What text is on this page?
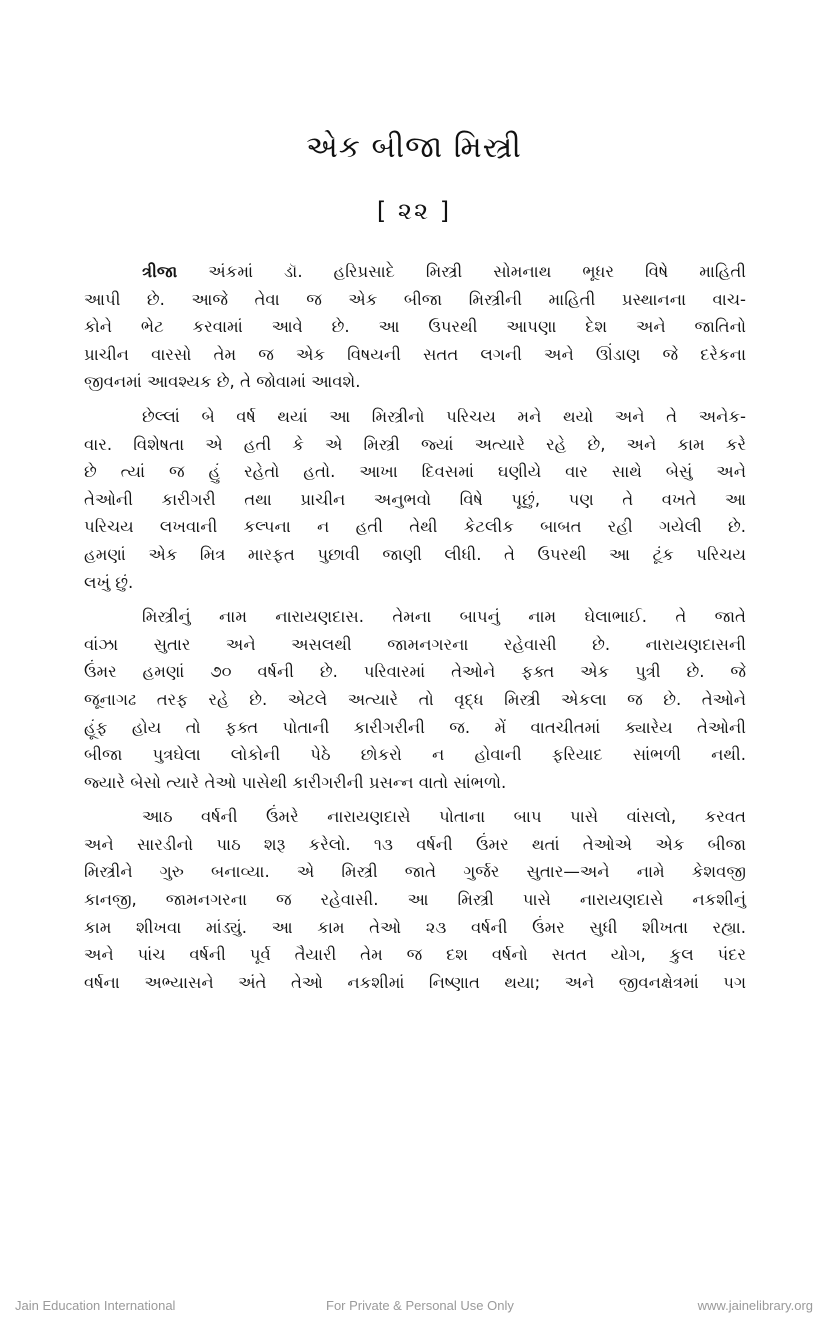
એક બીજા મિસ્ત્રી
[ ૨૨ ]
ત્રીજા અંકમાં ડૉ. હરિપ્રસાદે મિસ્ત્રી સોમનાથ ભૂધર વિષે માહિતી
આપી છે. આજે તેવા જ એક બીજા મિસ્ત્રીની માહિતી પ્રસ્થાનના વાચ-
કોને ભેટ કરવામાં આવે છે. આ ઉપરથી આપણા દેશ અને જાતિનો
પ્રાચીન વારસો તેમ જ એક વિષયની સતત લગની અને ઊંડાણ જે દરેકના
જીવનમાં આવશ્યક છે, તે જોવામાં આવશે.
છેલ્લાં બે વર્ષ થયાં આ મિસ્ત્રીનો પરિચય મને થયો અને તે અનેક-
વાર. વિશેષતા એ હતી કે એ મિસ્ત્રી જ્યાં અત્યારે રહે છે, અને કામ કરે
છે ત્યાં જ હું રહેતો હતો. આખા દિવસમાં ઘણીયે વાર સાથે બેસું અને
તેઓની કારીગરી તથા પ્રાચીન અનુભવો વિષે પૂછું, પણ તે વખતે આ
પરિચય લખવાની કલ્પના ન હતી તેથી કેટલીક બાબત રહી ગયેલી છે.
હમણાં એક મિત્ર મારફત પુછાવી જાણી લીધી. તે ઉપરથી આ ટૂંક પરિચય
લખું છું.
મિસ્ત્રીનું નામ નારાયણદાસ. તેમના બાપનું નામ ઘેલાભાઈ. તે જાતે
વાંઝા સુતાર અને અસલથી જામનગરના રહેવાસી છે. નારાયણદાસની
ઉંમર હમણાં ૭૦ વર્ષની છે. પરિવારમાં તેઓને ફક્ત એક પુત્રી છે. જે
જૂનાગઢ તરફ રહે છે. એટલે અત્યારે તો વૃદ્ધ મિસ્ત્રી એકલા જ છે. તેઓને
હૂંફ હોય તો ફક્ત પોતાની કારીગરીની જ. મેં વાતચીતમાં ક્યારેય તેઓની
બીજા પુત્રઘેલા લોકોની પેઠે છોકરો ન હોવાની ફરિયાદ સાંભળી નથી.
જ્યારે બેસો ત્યારે તેઓ પાસેથી કારીગરીની પ્રસન્ન વાતો સાંભળો.
આઠ વર્ષની ઉંમરે નારાયણદાસે પોતાના બાપ પાસે વાંસલો, કરવત
અને સારડીનો પાઠ શરૂ કરેલો. ૧૩ વર્ષની ઉંમર થતાં તેઓએ એક બીજા
મિસ્ત્રીને ગુરુ બનાવ્યા. એ મિસ્ત્રી જાતે ગુર્જર સુતાર—અને નામે કેશવજી
કાનજી, જામનગરના જ રહેવાસી. આ મિસ્ત્રી પાસે નારાયણદાસે નકશીનું
કામ શીખવા માંડ્યું. આ કામ તેઓ ૨૩ વર્ષની ઉંમર સુધી શીખતા રહ્યા.
અને પાંચ વર્ષની પૂર્વ તૈયારી તેમ જ દશ વર્ષનો સતત યોગ, કુલ પંદર
વર્ષના અભ્યાસને અંતે તેઓ નકશીમાં નિષ્ણાત થયા; અને જીવનક્ષેત્રમાં પગ
Jain Education International	For Private & Personal Use Only	www.jainelibrary.org
